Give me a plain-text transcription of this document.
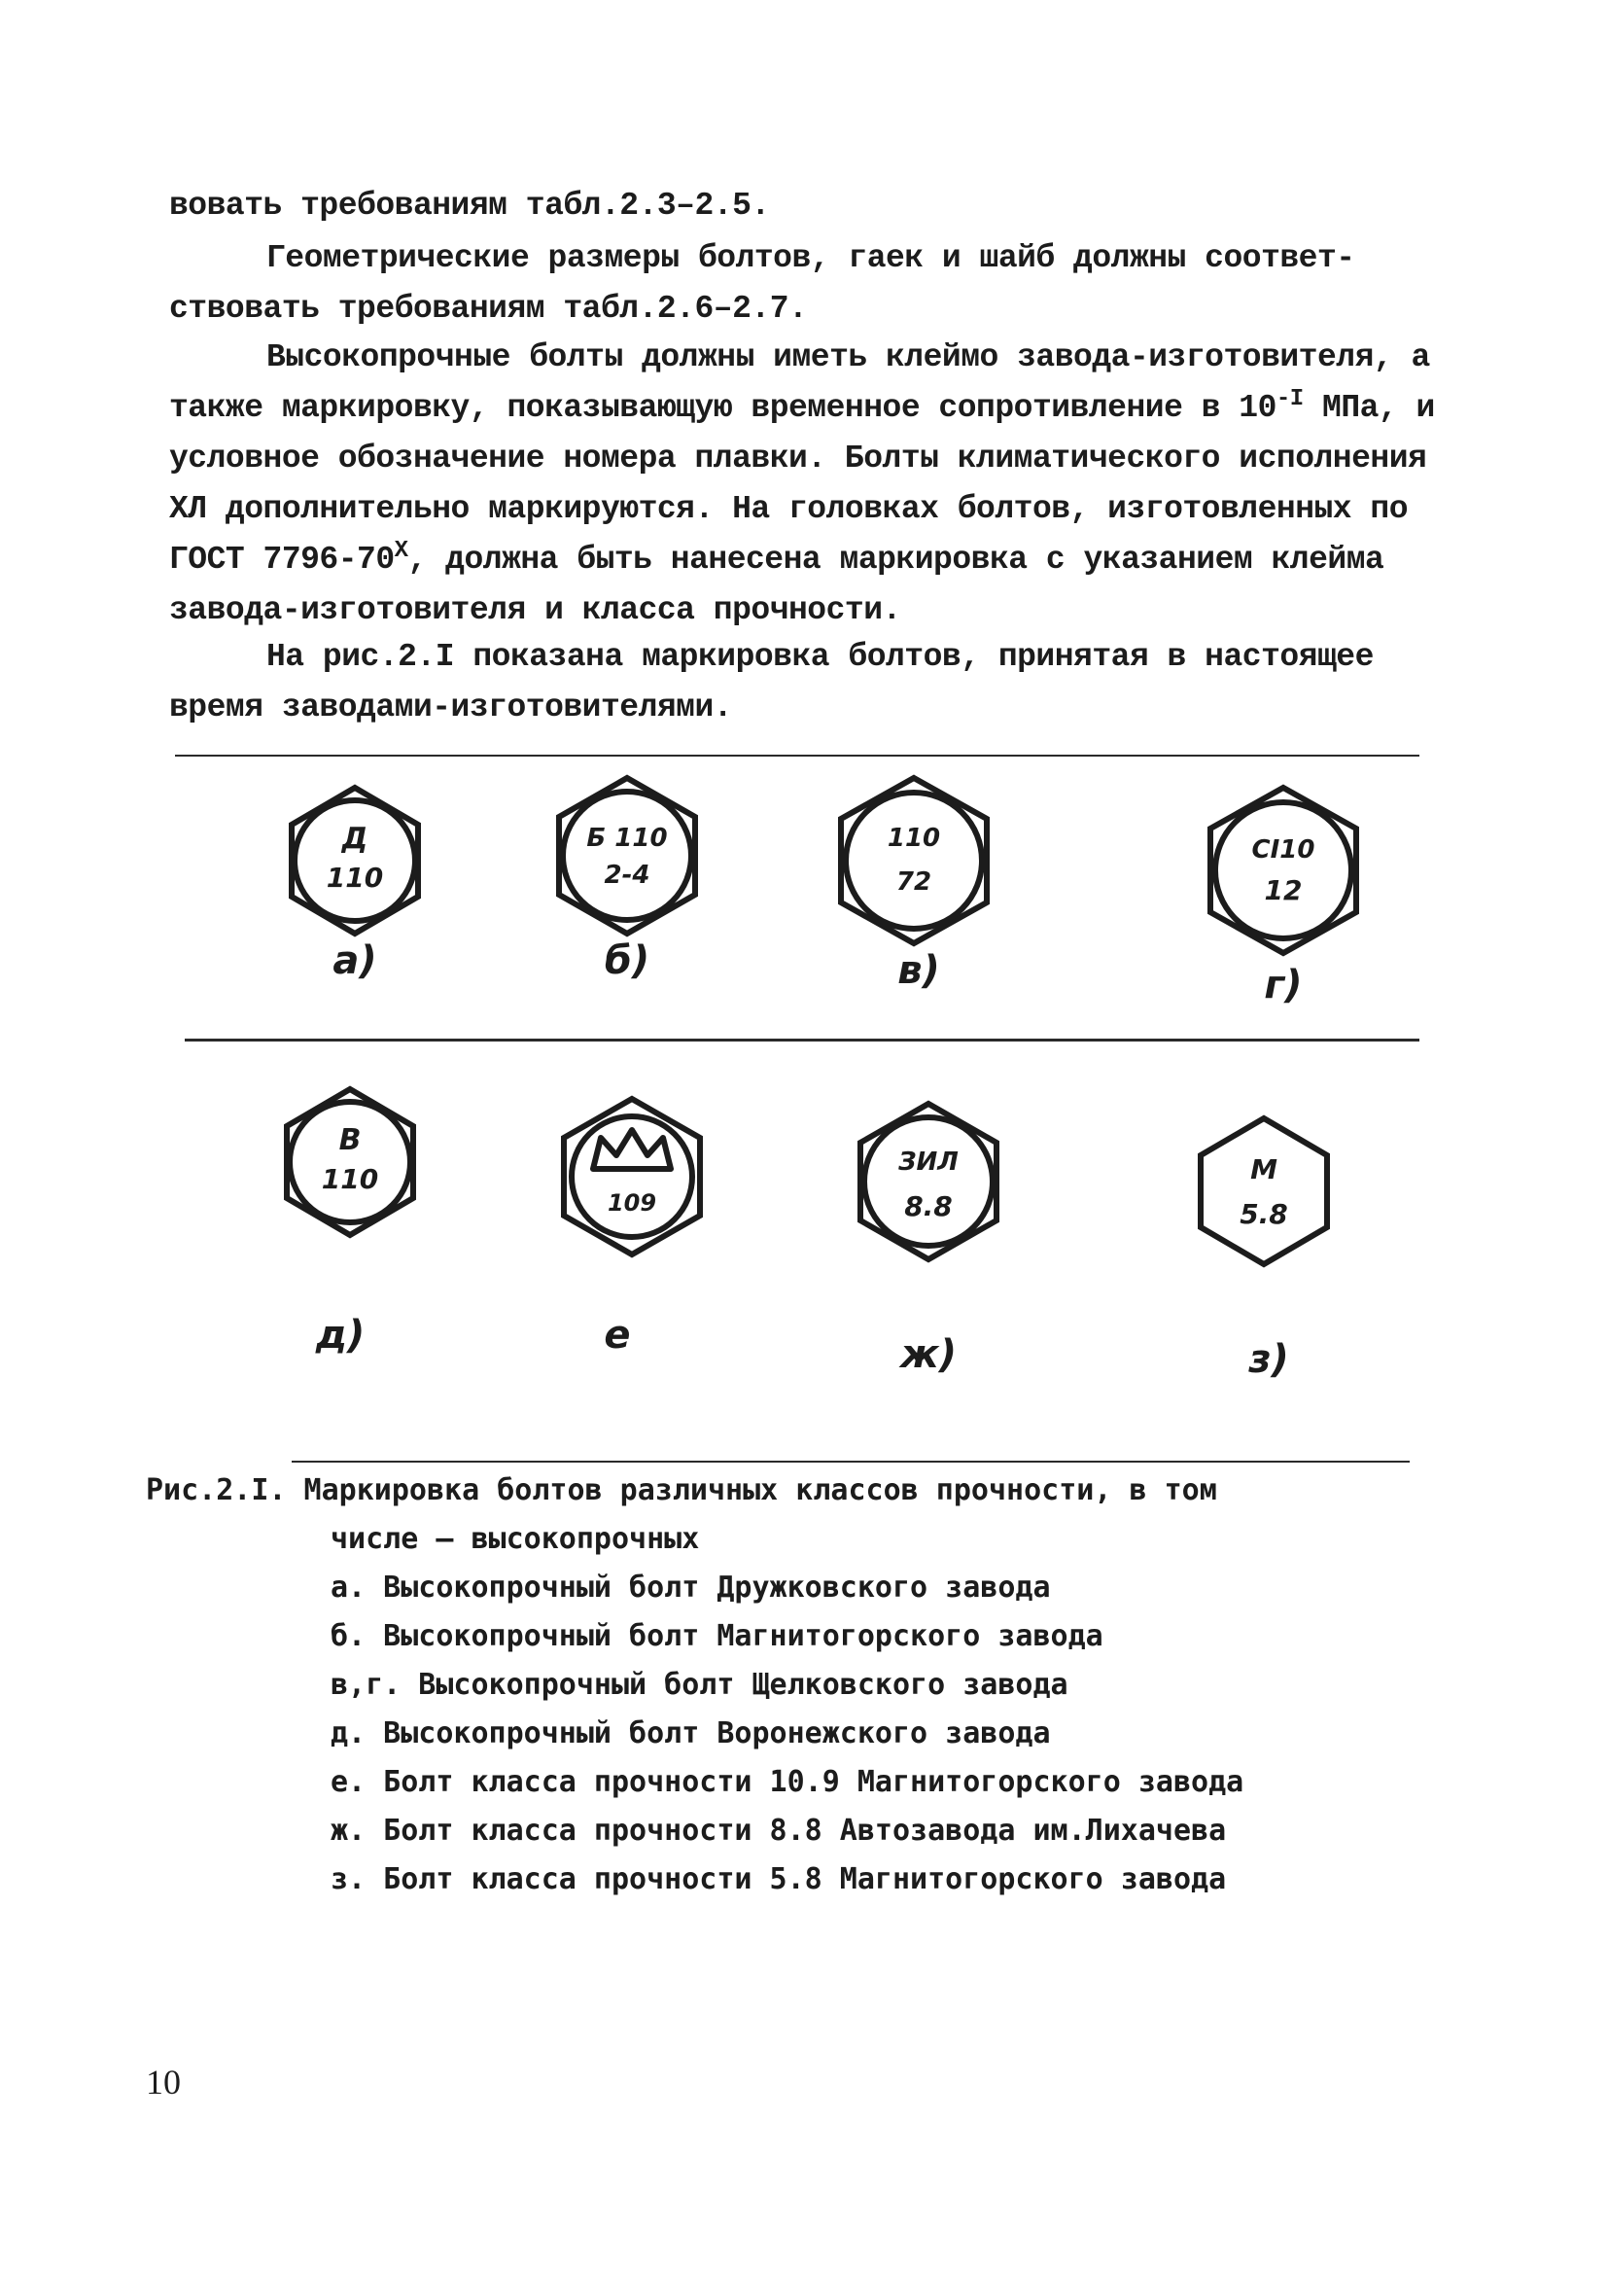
вовать требованиям табл.2.3–2.5.
Геометрические размеры болтов, гаек и шайб должны соответ-ствовать требованиям табл.2.6–2.7.
Высокопрочные болты должны иметь клеймо завода-изготовителя, а также маркировку, показывающую временное сопротивление в $10^{-I}$ МПа, и условное обозначение номера плавки. Болты климатического исполнения ХЛ дополнительно маркируются. На головках болтов, изготовленных по ГОСТ $7796-70^Х$, должна быть нанесена маркировка с указанием клейма завода-изготовителя и класса прочности.
На рис.2.I показана маркировка болтов, принятая в настоящее время заводами-изготовителями.
Д
110
а)
Б 110
2-4
б)
110
72
в)
СI10
12
г)
В
110
д)
109
е
ЗИЛ
8.8
ж)
М
5.8
з)
Рис.2.I. Маркировка болтов различных классов прочности, в том
числе – высокопрочных
а. Высокопрочный болт Дружковского завода
б. Высокопрочный болт Магнитогорского завода
в,г. Высокопрочный болт Щелковского завода
д. Высокопрочный болт Воронежского завода
е. Болт класса прочности 10.9 Магнитогорского завода
ж. Болт класса прочности 8.8 Автозавода им.Лихачева
з. Болт класса прочности 5.8 Магнитогорского завода
10
